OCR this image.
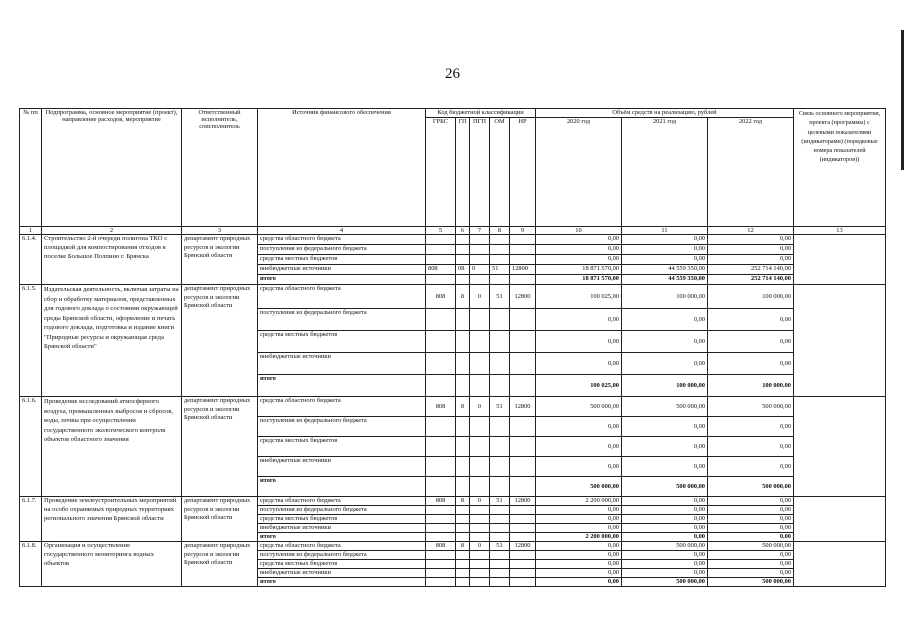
26
№ пп	Подпрограмма, основное мероприятие (проект), направление расходов, мероприятие	Ответственный исполнитель, соисполнитель	Источник финансового обеспечения	Код бюджетной классификации					Объём средств на реализацию, рублей			Связь основного мероприятия, проекта (программы) с целевыми показателями (индикаторами) (порядковые номера показателей (индикаторов))
				ГРБС	ГП	ПГП	ОМ	НР	2020 год	2021 год	2022 год	
1	2	3	4	5	6	7	8	9	10	11	12	13
6.1.4.	Строительство 2-й очереди полигона ТКО с площадкой для компостирования отходов в поселке Большое Полпино г. Брянска	департамент природных ресурсов и экологии Брянской области	средства областного бюджета						0,00	0,00	0,00	
			поступления из федерального бюджета						0,00	0,00	0,00	
			средства местных бюджетов						0,00	0,00	0,00	
			внебюджетные источники	808	08	0	51	12800	18 871 570,00	44 559 350,00	252 714 140,00	
			итого						18 871 570,00	44 559 350,00	252 714 140,00	
6.1.5.	Издательская деятельность, включая затраты на сбор и обработку материалов, представленных для годового доклада о состоянии окружающей среды Брянской области, оформление и печать годового доклада, подготовка и издание книги "Природные ресурсы и окружающая среда Брянской области"	департамент природных ресурсов и экологии Брянской области	средства областного бюджета	808	8	0	51	12800	100 025,00	100 000,00	100 000,00	
			поступления из федерального бюджета						0,00	0,00	0,00	
			средства местных бюджетов						0,00	0,00	0,00	
			внебюджетные источники						0,00	0,00	0,00	
			итого						100 025,00	100 000,00	100 000,00	
6.1.6.	Проведение исследований атмосферного воздуха, промышленных выбросов и сбросов, воды, почвы при осуществлении государственного экологического контроля объектов областного значения	департамент природных ресурсов и экологии Брянской области	средства областного бюджета	808	8	0	51	12800	500 000,00	500 000,00	500 000,00	
			поступления из федерального бюджета						0,00	0,00	0,00	
			средства местных бюджетов						0,00	0,00	0,00	
			внебюджетные источники						0,00	0,00	0,00	
			итого						500 000,00	500 000,00	500 000,00	
6.1.7.	Проведение землеустроительных мероприятий на особо охраняемых природных территориях регионального значения Брянской области	департамент природных ресурсов и экологии Брянской области	средства областного бюджета	808	8	0	51	12800	2 200 000,00	0,00	0,00	
			поступления из федерального бюджета						0,00	0,00	0,00	
			средства местных бюджетов						0,00	0,00	0,00	
			внебюджетные источники						0,00	0,00	0,00	
			итого						2 200 000,00	0,00	0,00	
6.1.8.	Организация и осуществление государственного мониторинга водных объектов	департамент природных ресурсов и экологии Брянской области	средства областного бюджета	808	8	0	51	12800	0,00	500 000,00	500 000,00	
			поступления из федерального бюджета						0,00	0,00	0,00	
			средства местных бюджетов						0,00	0,00	0,00	
			внебюджетные источники						0,00	0,00	0,00	
			итого						0,00	500 000,00	500 000,00	
